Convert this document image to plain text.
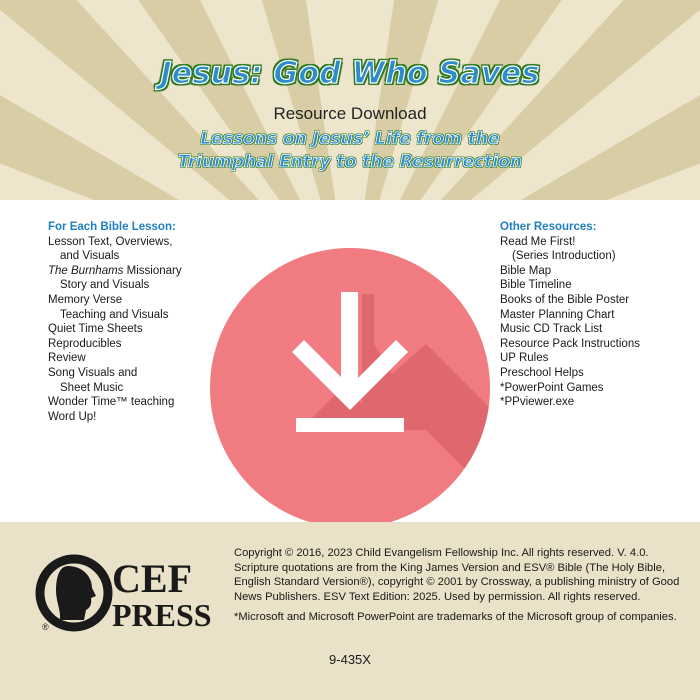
Jesus: God Who Saves
Resource Download
Lessons on Jesus’ Life from the
Triumphal Entry to the Resurrection
For Each Bible Lesson:
Lesson Text, Overviews,
and Visuals
The Burnhams Missionary
Story and Visuals
Memory Verse
Teaching and Visuals
Quiet Time Sheets
Reproducibles
Review
Song Visuals and
Sheet Music
Wonder Time™ teaching
Word Up!
Other Resources:
Read Me First!
(Series Introduction)
Bible Map
Bible Timeline
Books of the Bible Poster
Master Planning Chart
Music CD Track List
Resource Pack Instructions
UP Rules
Preschool Helps
*PowerPoint Games
*PPviewer.exe
CEF
PRESS
®

Copyright © 2016, 2023 Child Evangelism Fellowship Inc. All rights reserved. V. 4.0. Scripture quotations are from the King James Version and ESV® Bible (The Holy Bible, English Standard Version®), copyright © 2001 by Crossway, a publishing ministry of Good News Publishers. ESV Text Edition: 2025. Used by permission. All rights reserved.

*Microsoft and Microsoft PowerPoint are trademarks of the Microsoft group of companies.

9-435X
